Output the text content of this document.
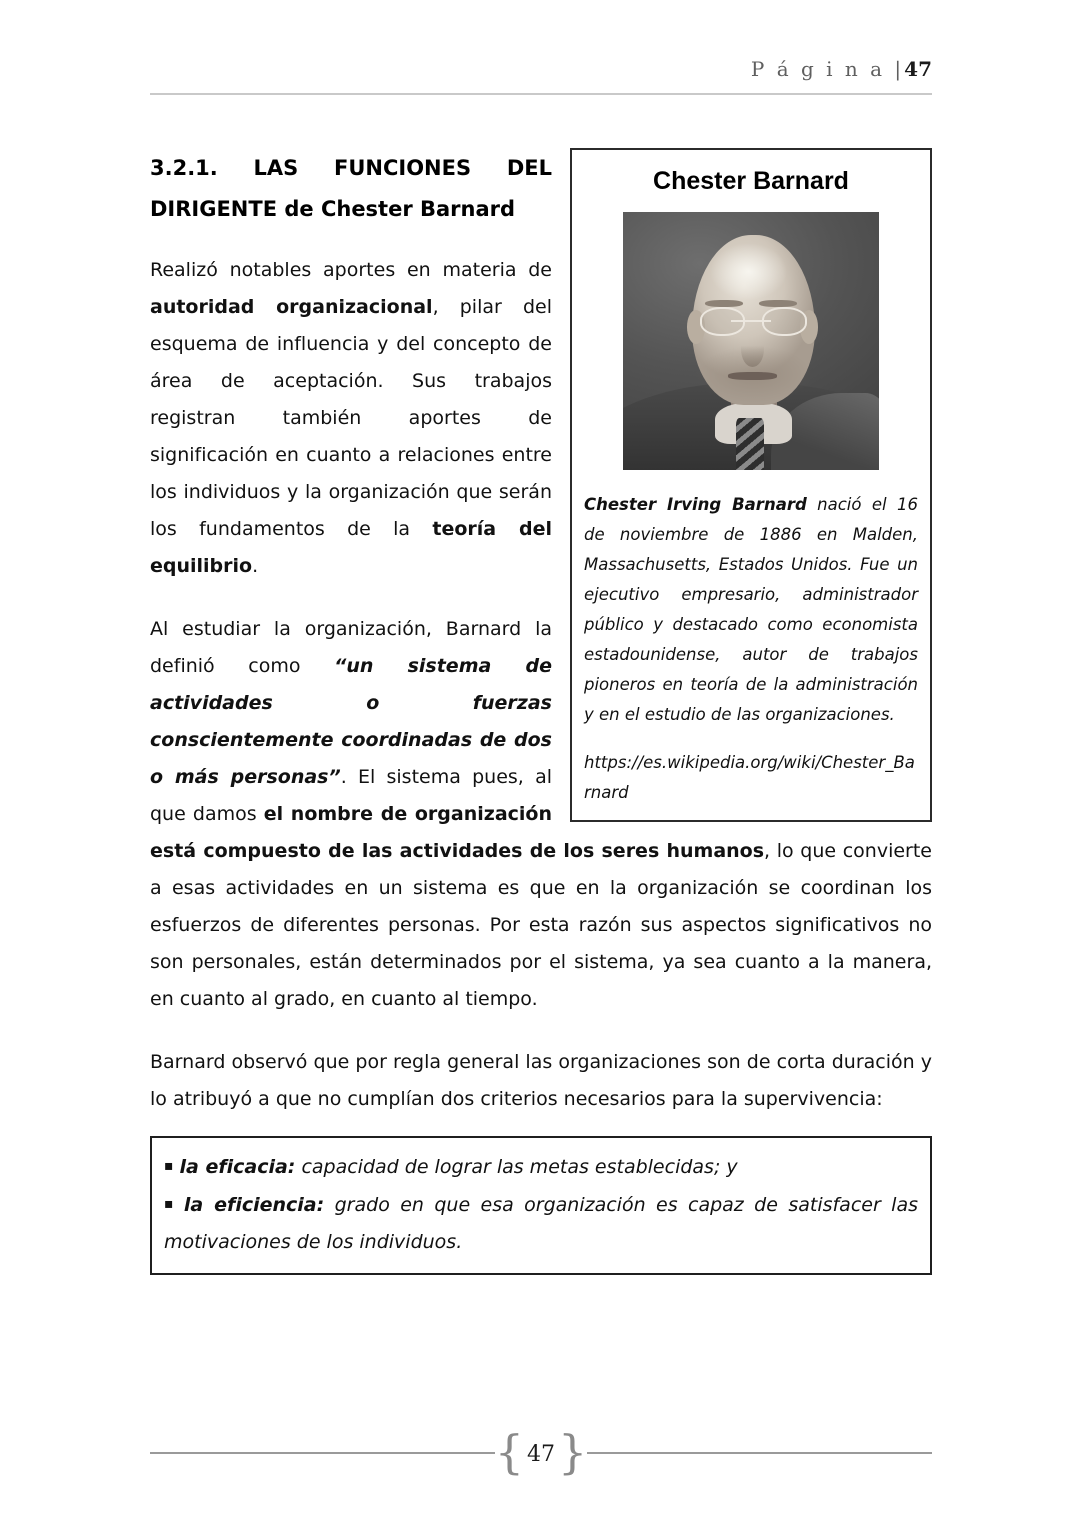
P á g i n a |47
Chester Barnard

Chester Irving Barnard nació el 16 de noviembre de 1886 en Malden, Massachusetts, Estados Unidos. Fue un ejecutivo empresario, administrador público y destacado como economista estadounidense, autor de trabajos pioneros en teoría de la administración y en el estudio de las organizaciones.

https://es.wikipedia.org/wiki/Chester_Barnard

3.2.1. LAS FUNCIONES DEL DIRIGENTE de Chester Barnard

Realizó notables aportes en materia de autoridad organizacional, pilar del esquema de influencia y del concepto de área de aceptación. Sus trabajos registran también aportes de significación en cuanto a relaciones entre los individuos y la organización que serán los fundamentos de la teoría del equilibrio.

Al estudiar la organización, Barnard la definió como “un sistema de actividades o fuerzas conscientemente coordinadas de dos o más personas”. El sistema pues, al que damos el nombre de organización está compuesto de las actividades de los seres humanos, lo que convierte a esas actividades en un sistema es que en la organización se coordinan los esfuerzos de diferentes personas. Por esta razón sus aspectos significativos no son personales, están determinados por el sistema, ya sea cuanto a la manera, en cuanto al grado, en cuanto al tiempo.

Barnard observó que por regla general las organizaciones son de corta duración y lo atribuyó a que no cumplían dos criterios necesarios para la supervivencia:

▪ la eficacia: capacidad de lograr las metas establecidas; y

▪ la eficiencia: grado en que esa organización es capaz de satisfacer las motivaciones de los individuos.

{ 47}
